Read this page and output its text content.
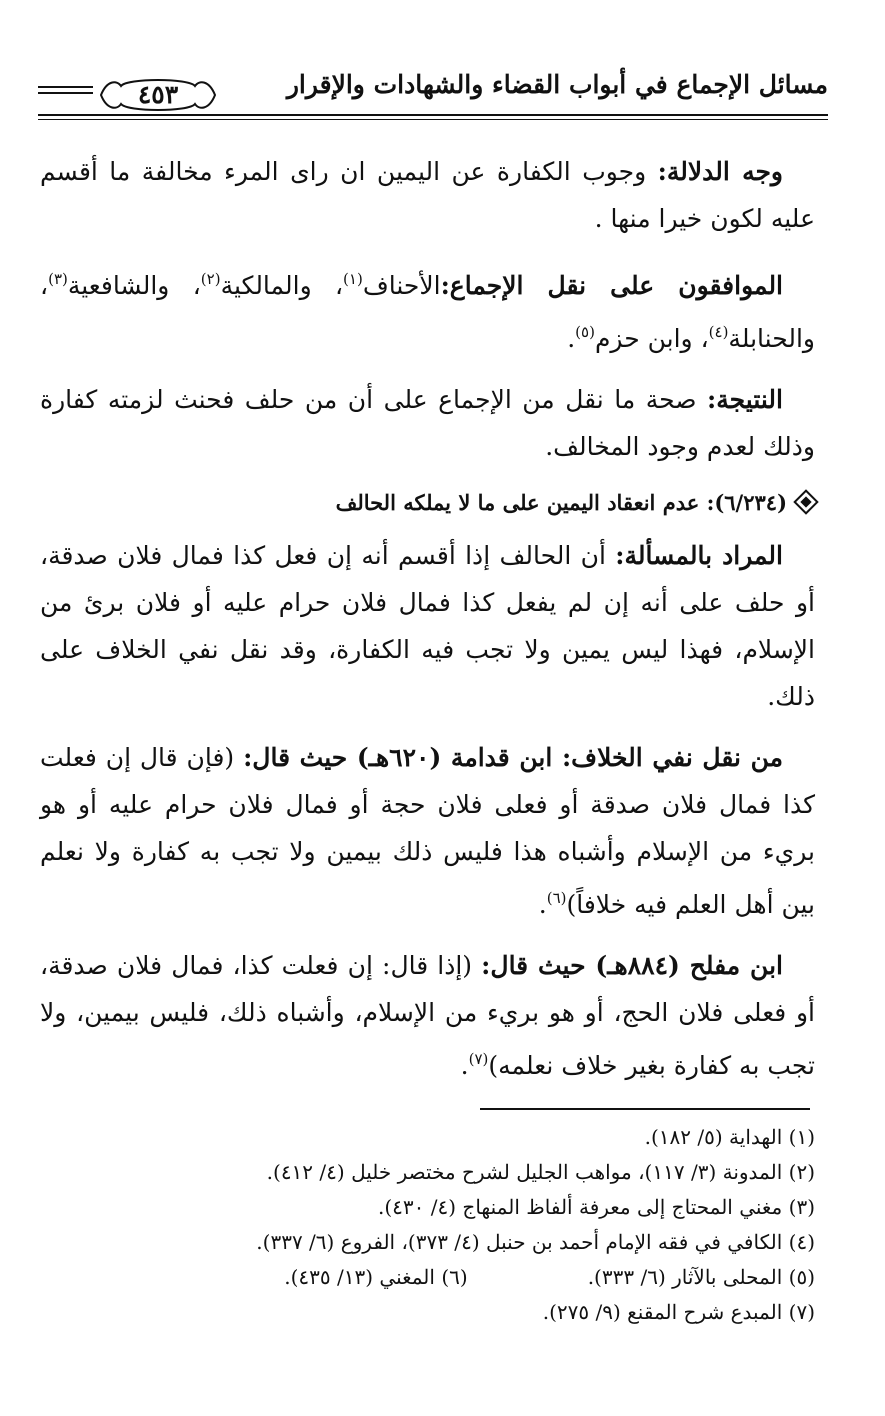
مسائل الإجماع في أبواب القضاء والشهادات والإقرار
٤٥٣

وجه الدلالة: وجوب الكفارة عن اليمين ان راى المرء مخالفة ما أقسم عليه لكون خيرا منها .

الموافقون على نقل الإجماع:الأحناف$^{(١)}$، والمالكية$^{(٢)}$، والشافعية$^{(٣)}$، والحنابلة$^{(٤)}$، وابن حزم$^{(٥)}$.

النتيجة: صحة ما نقل من الإجماع على أن من حلف فحنث لزمته كفارة وذلك لعدم وجود المخالف.

(٦/٢٣٤): عدم انعقاد اليمين على ما لا يملكه الحالف

المراد بالمسألة: أن الحالف إذا أقسم أنه إن فعل كذا فمال فلان صدقة، أو حلف على أنه إن لم يفعل كذا فمال فلان حرام عليه أو فلان برئ من الإسلام، فهذا ليس يمين ولا تجب فيه الكفارة، وقد نقل نفي الخلاف على ذلك.

من نقل نفي الخلاف: ابن قدامة (٦٢٠هـ) حيث قال: (فإن قال إن فعلت كذا فمال فلان صدقة أو فعلى فلان حجة أو فمال فلان حرام عليه أو هو بريء من الإسلام وأشباه هذا فليس ذلك بيمين ولا تجب به كفارة ولا نعلم بين أهل العلم فيه خلافاً)$^{(٦)}$.

ابن مفلح (٨٨٤هـ) حيث قال: (إذا قال: إن فعلت كذا، فمال فلان صدقة، أو فعلى فلان الحج، أو هو بريء من الإسلام، وأشباه ذلك، فليس بيمين، ولا تجب به كفارة بغير خلاف نعلمه)$^{(٧)}$.

(١) الهداية (٥/ ١٨٢).
(٢) المدونة (٣/ ١١٧)، مواهب الجليل لشرح مختصر خليل (٤/ ٤١٢).
(٣) مغني المحتاج إلى معرفة ألفاظ المنهاج (٤/ ٤٣٠).
(٤) الكافي في فقه الإمام أحمد بن حنبل (٤/ ٣٧٣)، الفروع (٦/ ٣٣٧).
(٥) المحلى بالآثار (٦/ ٣٣٣).
(٦) المغني (١٣/ ٤٣٥).
(٧) المبدع شرح المقنع (٩/ ٢٧٥).
